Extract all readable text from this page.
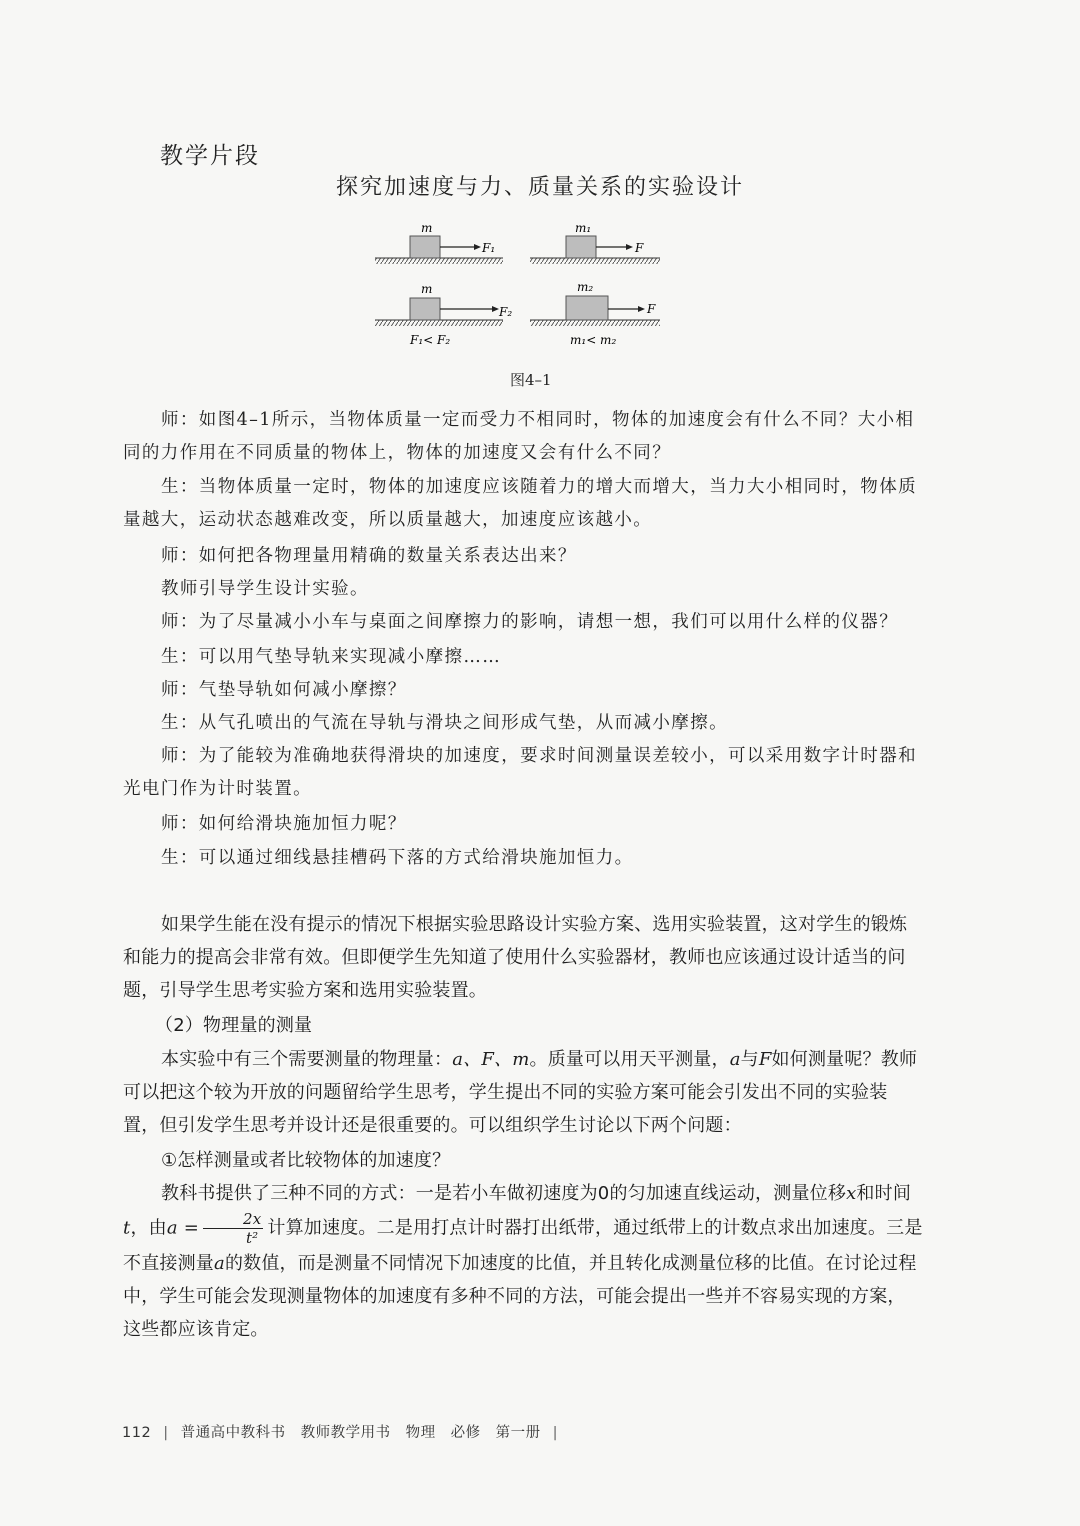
教学片段
探究加速度与力、质量关系的实验设计
m
F₁
m₁
F
m
F₂
m₂
F
F₁< F₂	m₁< m₂
图4–1

师：如图4–1所示，当物体质量一定而受力不相同时，物体的加速度会有什么不同？大小相同的力作用在不同质量的物体上，物体的加速度又会有什么不同？

生：当物体质量一定时，物体的加速度应该随着力的增大而增大，当力大小相同时，物体质量越大，运动状态越难改变，所以质量越大，加速度应该越小。

师：如何把各物理量用精确的数量关系表达出来？

教师引导学生设计实验。

师：为了尽量减小小车与桌面之间摩擦力的影响，请想一想，我们可以用什么样的仪器？

生：可以用气垫导轨来实现减小摩擦……

师：气垫导轨如何减小摩擦？

生：从气孔喷出的气流在导轨与滑块之间形成气垫，从而减小摩擦。

师：为了能较为准确地获得滑块的加速度，要求时间测量误差较小，可以采用数字计时器和光电门作为计时装置。

师：如何给滑块施加恒力呢？

生：可以通过细线悬挂槽码下落的方式给滑块施加恒力。

如果学生能在没有提示的情况下根据实验思路设计实验方案、选用实验装置，这对学生的锻炼和能力的提高会非常有效。但即便学生先知道了使用什么实验器材，教师也应该通过设计适当的问题，引导学生思考实验方案和选用实验装置。

（2）物理量的测量

本实验中有三个需要测量的物理量：a、F、m。质量可以用天平测量，a与F如何测量呢？教师可以把这个较为开放的问题留给学生思考，学生提出不同的实验方案可能会引发出不同的实验装置，但引发学生思考并设计还是很重要的。可以组织学生讨论以下两个问题：

①怎样测量或者比较物体的加速度？

教科书提供了三种不同的方式：一是若小车做初速度为0的匀加速直线运动，测量位移x和时间t，由$a = \frac{2x}{\text{t²}}$ 计算加速度。二是用打点计时器打出纸带，通过纸带上的计数点求出加速度。三是不直接测量a的数值，而是测量不同情况下加速度的比值，并且转化成测量位移的比值。在讨论过程中，学生可能会发现测量物体的加速度有多种不同的方法，可能会提出一些并不容易实现的方案，这些都应该肯定。

112 | 普通高中教科书　教师教学用书　物理　必修　第一册 |
